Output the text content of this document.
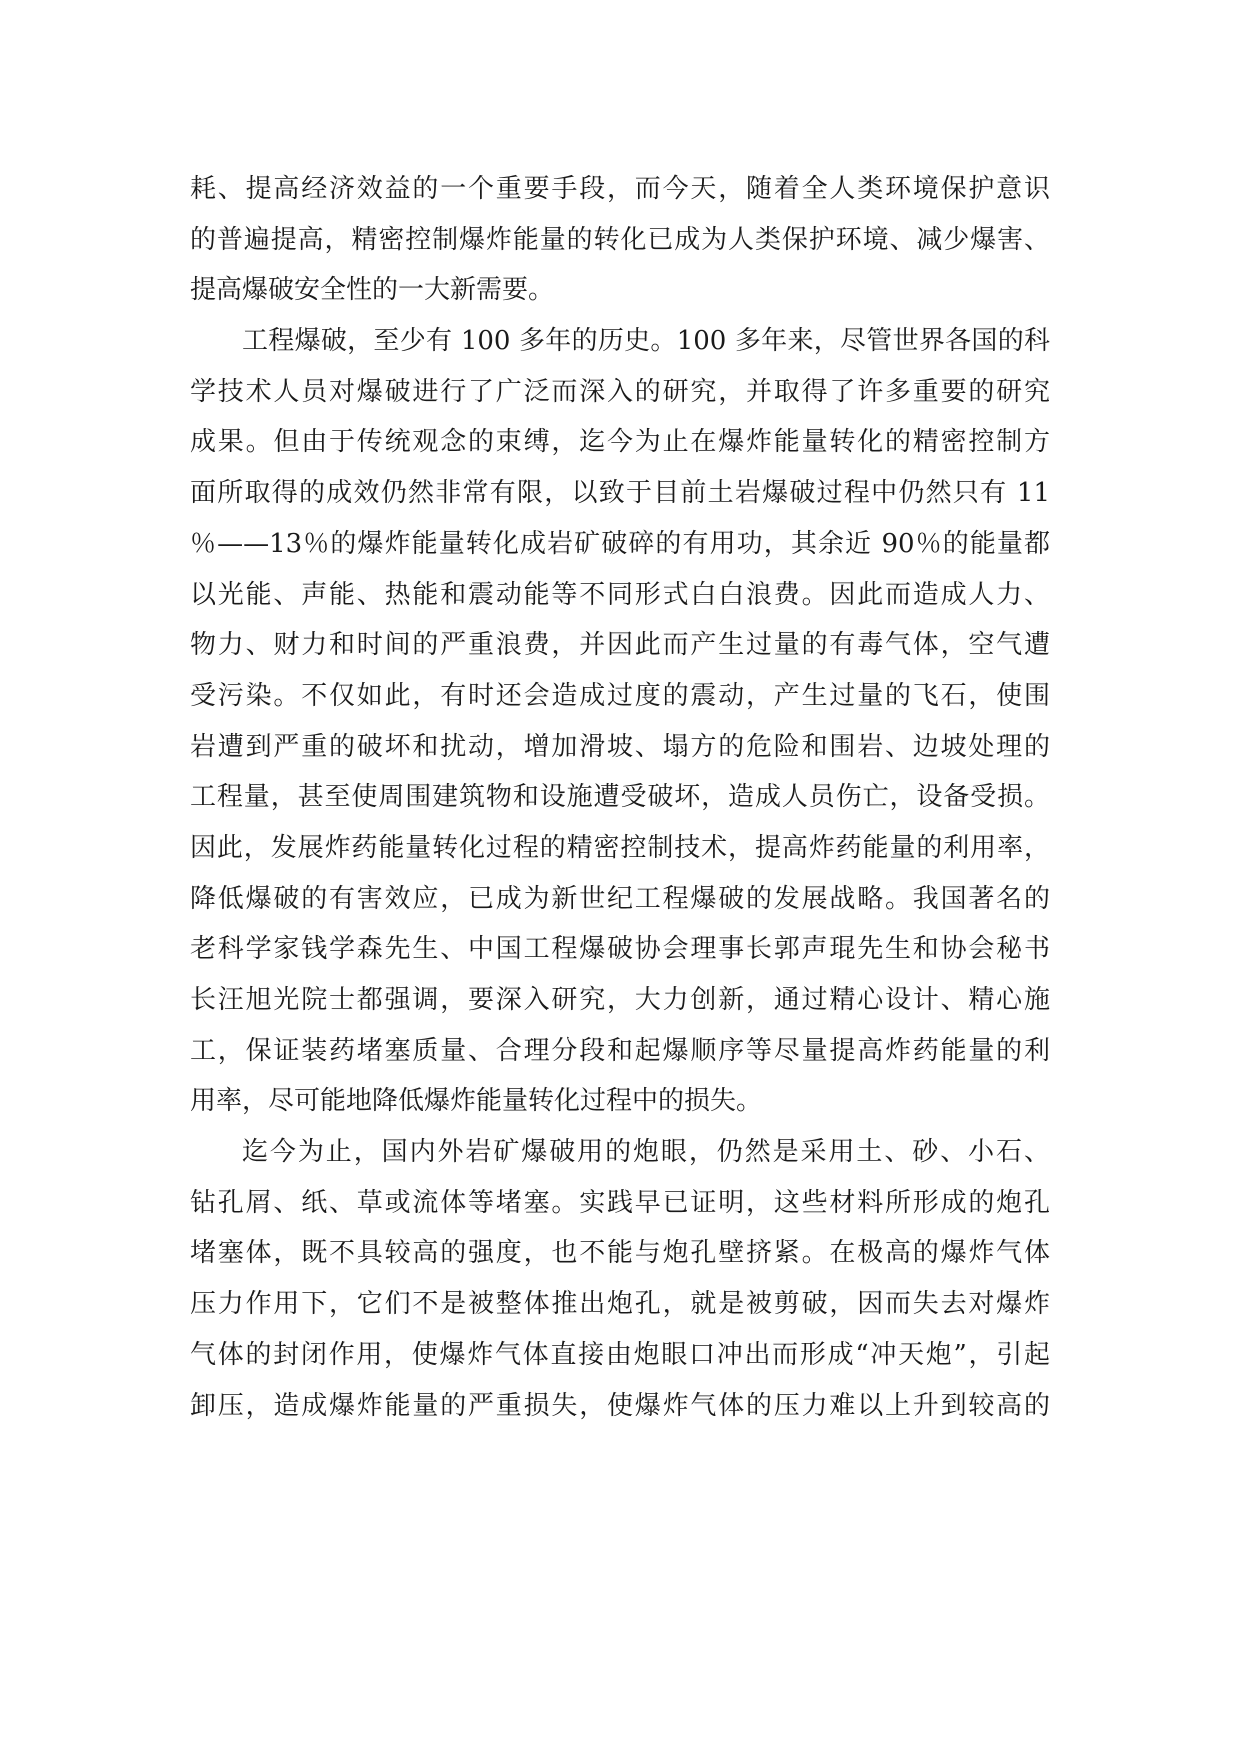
耗、提高经济效益的一个重要手段，而今天，随着全人类环境保护意识
的普遍提高，精密控制爆炸能量的转化已成为人类保护环境、减少爆害、
提高爆破安全性的一大新需要。
工程爆破，至少有 100 多年的历史。100 多年来，尽管世界各国的科
学技术人员对爆破进行了广泛而深入的研究，并取得了许多重要的研究
成果。但由于传统观念的束缚，迄今为止在爆炸能量转化的精密控制方
面所取得的成效仍然非常有限，以致于目前土岩爆破过程中仍然只有 11
％——13％的爆炸能量转化成岩矿破碎的有用功，其余近 90％的能量都
以光能、声能、热能和震动能等不同形式白白浪费。因此而造成人力、
物力、财力和时间的严重浪费，并因此而产生过量的有毒气体，空气遭
受污染。不仅如此，有时还会造成过度的震动，产生过量的飞石，使围
岩遭到严重的破坏和扰动，增加滑坡、塌方的危险和围岩、边坡处理的
工程量，甚至使周围建筑物和设施遭受破坏，造成人员伤亡，设备受损。
因此，发展炸药能量转化过程的精密控制技术，提高炸药能量的利用率，
降低爆破的有害效应，已成为新世纪工程爆破的发展战略。我国著名的
老科学家钱学森先生、中国工程爆破协会理事长郭声琨先生和协会秘书
长汪旭光院士都强调，要深入研究，大力创新，通过精心设计、精心施
工，保证装药堵塞质量、合理分段和起爆顺序等尽量提高炸药能量的利
用率，尽可能地降低爆炸能量转化过程中的损失。
迄今为止，国内外岩矿爆破用的炮眼，仍然是采用土、砂、小石、
钻孔屑、纸、草或流体等堵塞。实践早已证明，这些材料所形成的炮孔
堵塞体，既不具较高的强度，也不能与炮孔壁挤紧。在极高的爆炸气体
压力作用下，它们不是被整体推出炮孔，就是被剪破，因而失去对爆炸
气体的封闭作用，使爆炸气体直接由炮眼口冲出而形成“冲天炮”，引起
卸压，造成爆炸能量的严重损失，使爆炸气体的压力难以上升到较高的
